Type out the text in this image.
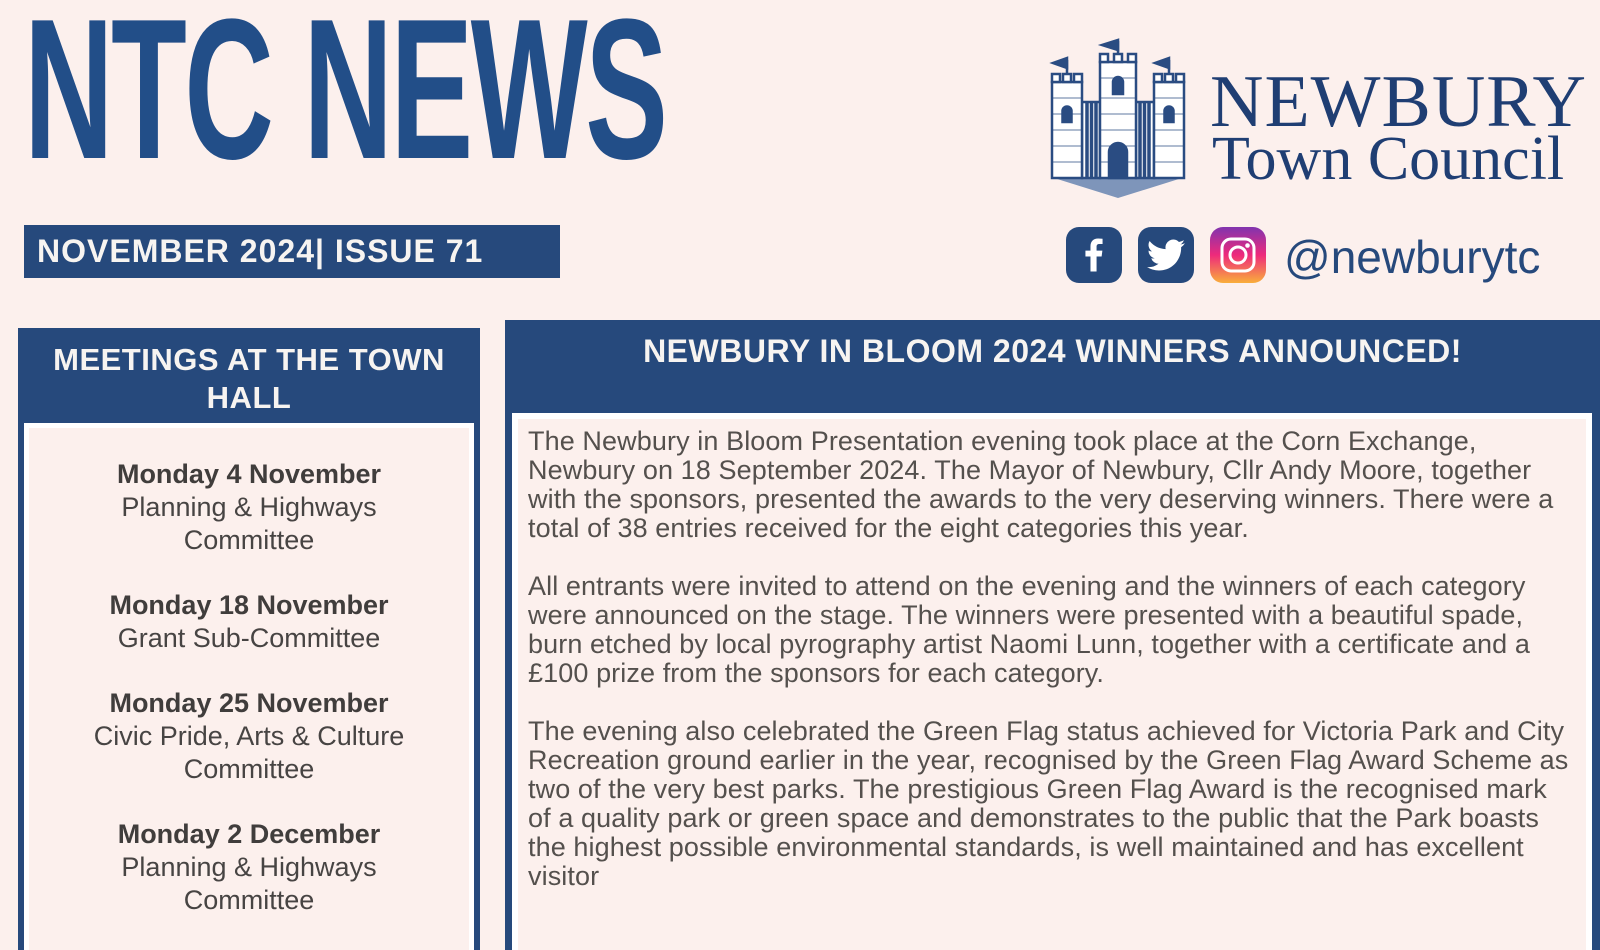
NTC NEWS
NOVEMBER 2024| ISSUE 71
NEWBURY
Town Council
@newburytc
MEETINGS AT THE TOWN HALL
Monday 4 November
Planning & Highways Committee
Monday 18 November
Grant Sub-Committee
Monday 25 November
Civic Pride, Arts & Culture Committee
Monday 2 December
Planning & Highways Committee
NEWBURY IN BLOOM 2024 WINNERS ANNOUNCED!

The Newbury in Bloom Presentation evening took place at the Corn Exchange, Newbury on 18 September 2024. The Mayor of Newbury, Cllr Andy Moore, together with the sponsors, presented the awards to the very deserving winners. There were a total of 38 entries received for the eight categories this year.

All entrants were invited to attend on the evening and the winners of each category were announced on the stage. The winners were presented with a beautiful spade, burn etched by local pyrography artist Naomi Lunn, together with a certificate and a £100 prize from the sponsors for each category.

The evening also celebrated the Green Flag status achieved for Victoria Park and City Recreation ground earlier in the year, recognised by the Green Flag Award Scheme as two of the very best parks. The prestigious Green Flag Award is the recognised mark of a quality park or green space and demonstrates to the public that the Park boasts the highest possible environmental standards, is well maintained and has excellent visitor
